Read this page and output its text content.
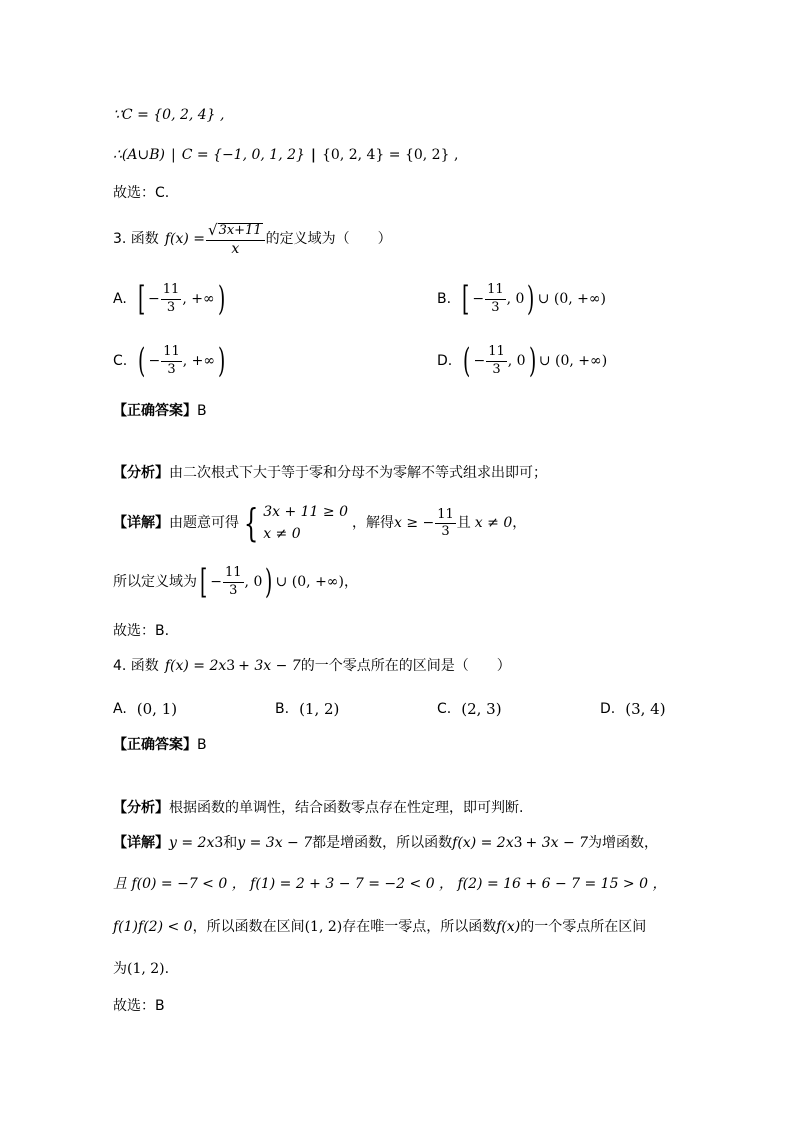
∵C = {0, 2, 4} ,
∴(A∪B) | C = {−1, 0, 1, 2} | {0, 2, 4} = {0, 2} ,
故选：C.
3. 函数 $f(x) = \frac{√ 3x+11}{x}$ 的定义域为（　　）
A. [ − $\frac{11}{3}$ , +∞ )	B. [ − $\frac{11}{3}$ , 0 ) ∪ (0, +∞)
C. ( − $\frac{11}{3}$ , +∞ )	D. ( − $\frac{11}{3}$ , 0 ) ∪ (0, +∞)
【正确答案】 B
【分析】 由二次根式下大于等于零和分母不为零解不等式组求出即可；
【详解】 由题意可得 { 3x + 11 ≥ 0
x ≠ 0
，解得 x ≥ − $\frac{11}{3}$ 且 x ≠ 0 ，
所以定义域为 [ − $\frac{11}{3}$ , 0 ) ∪ (0, +∞) ，
故选：B.
4. 函数 f(x) = 2x 3 + 3x − 7 的一个零点所在的区间是（　　）
A. (0, 1)	B. (1, 2)	C. (2, 3)	D. (3, 4)
【正确答案】 B
【分析】 根据函数的单调性，结合函数零点存在性定理，即可判断.
【详解】 y = 2x 3 和 y = 3x − 7 都是增函数，所以函数 f(x) = 2x 3 + 3x − 7 为增函数，
且 f(0) = −7 < 0 ， f(1) = 2 + 3 − 7 = −2 < 0 ， f(2) = 16 + 6 − 7 = 15 > 0 ，
f(1)f(2) < 0 ，所以函数在区间 (1, 2) 存在唯一零点，所以函数 f(x) 的一个零点所在区间
为 (1, 2) .
故选：B
